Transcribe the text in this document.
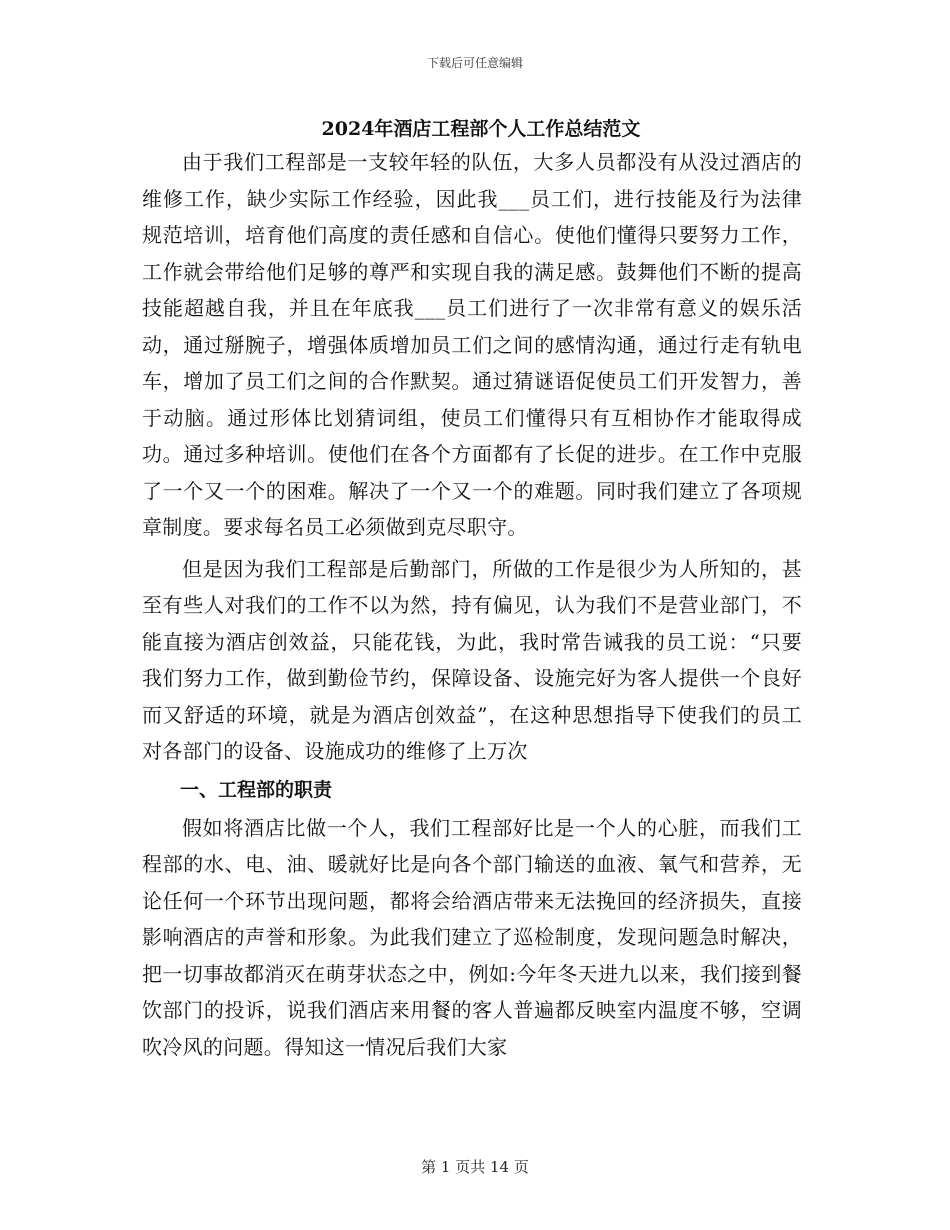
下载后可任意编辑
2024年酒店工程部个人工作总结范文

由于我们工程部是一支较年轻的队伍，大多人员都没有从没过酒店的维修工作，缺少实际工作经验，因此我___员工们，进行技能及行为法律规范培训，培育他们高度的责任感和自信心。使他们懂得只要努力工作，工作就会带给他们足够的尊严和实现自我的满足感。鼓舞他们不断的提高技能超越自我，并且在年底我___员工们进行了一次非常有意义的娱乐活动，通过掰腕子，增强体质增加员工们之间的感情沟通，通过行走有轨电车，增加了员工们之间的合作默契。通过猜谜语促使员工们开发智力，善于动脑。通过形体比划猜词组，使员工们懂得只有互相协作才能取得成功。通过多种培训。使他们在各个方面都有了长促的进步。在工作中克服了一个又一个的困难。解决了一个又一个的难题。同时我们建立了各项规章制度。要求每名员工必须做到克尽职守。

但是因为我们工程部是后勤部门，所做的工作是很少为人所知的，甚至有些人对我们的工作不以为然，持有偏见，认为我们不是营业部门，不能直接为酒店创效益，只能花钱，为此，我时常告诫我的员工说：“只要我们努力工作，做到勤俭节约，保障设备、设施完好为客人提供一个良好而又舒适的环境，就是为酒店创效益”，在这种思想指导下使我们的员工对各部门的设备、设施成功的维修了上万次

一、工程部的职责

假如将酒店比做一个人，我们工程部好比是一个人的心脏，而我们工程部的水、电、油、暖就好比是向各个部门输送的血液、氧气和营养，无论任何一个环节出现问题，都将会给酒店带来无法挽回的经济损失，直接影响酒店的声誉和形象。为此我们建立了巡检制度，发现问题急时解决，把一切事故都消灭在萌芽状态之中，例如:今年冬天进九以来，我们接到餐饮部门的投诉，说我们酒店来用餐的客人普遍都反映室内温度不够，空调吹冷风的问题。得知这一情况后我们大家

第 1 页共 14 页
